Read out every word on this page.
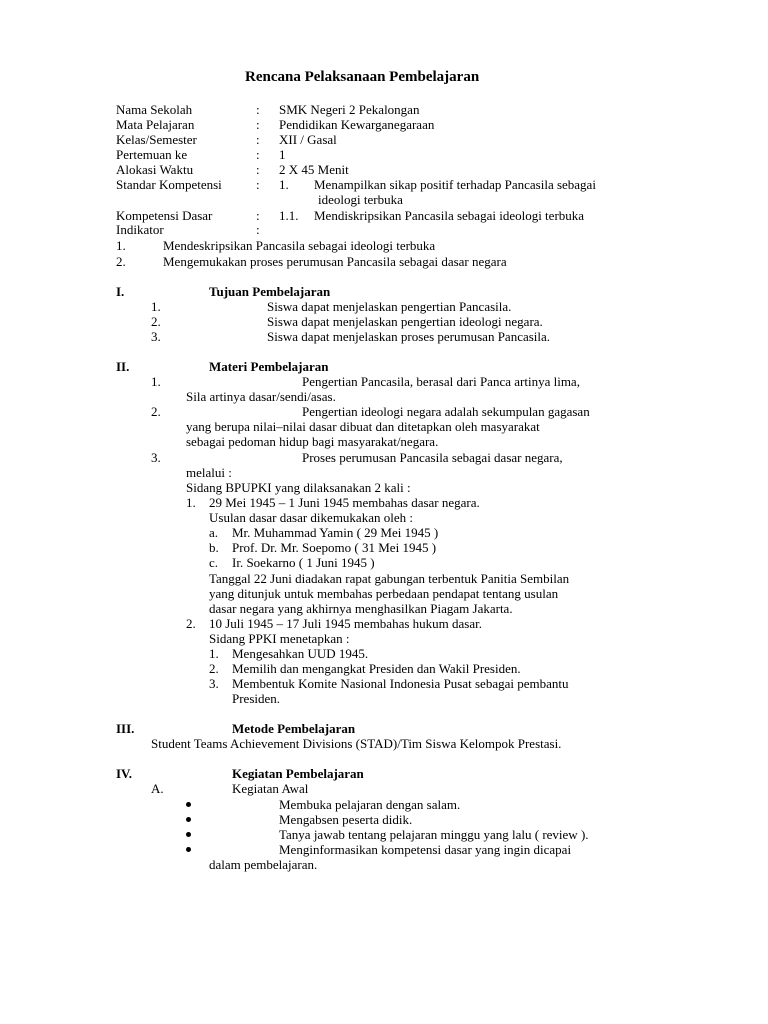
Rencana Pelaksanaan Pembelajaran
Nama Sekolah	: SMK Negeri 2 Pekalongan
Mata Pelajaran	: Pendidikan Kewarganegaraan
Kelas/Semester	: XII / Gasal
Pertemuan ke	: 1
Alokasi Waktu	: 2 X 45 Menit
Standar Kompetensi	: 1. Menampilkan sikap positif terhadap Pancasila sebagai
ideologi terbuka
Kompetensi Dasar	: 1.1. Mendiskripsikan Pancasila sebagai ideologi terbuka
Indikator	:
1.	Mendeskripsikan Pancasila sebagai ideologi terbuka
2.	Mengemukakan proses perumusan Pancasila sebagai dasar negara
I.	Tujuan Pembelajaran
1.	Siswa dapat menjelaskan pengertian Pancasila.
2.	Siswa dapat menjelaskan pengertian ideologi negara.
3.	Siswa dapat menjelaskan proses perumusan Pancasila.
II.	Materi Pembelajaran
1.	Pengertian Pancasila, berasal dari Panca artinya lima,
Sila artinya dasar/sendi/asas.
2.	Pengertian ideologi negara adalah sekumpulan gagasan
yang berupa nilai–nilai dasar dibuat dan ditetapkan oleh masyarakat
sebagai pedoman hidup bagi masyarakat/negara.
3.	Proses perumusan Pancasila sebagai dasar negara,
melalui :
Sidang BPUPKI yang dilaksanakan 2 kali :
1. 29 Mei 1945 – 1 Juni 1945 membahas dasar negara.
Usulan dasar dasar dikemukakan oleh :
a. Mr. Muhammad Yamin ( 29 Mei 1945 )
b. Prof. Dr. Mr. Soepomo ( 31 Mei 1945 )
c. Ir. Soekarno ( 1 Juni 1945 )
Tanggal 22 Juni diadakan rapat gabungan terbentuk Panitia Sembilan
yang ditunjuk untuk membahas perbedaan pendapat tentang usulan
dasar negara yang akhirnya menghasilkan Piagam Jakarta.
2. 10 Juli 1945 – 17 Juli 1945 membahas hukum dasar.
Sidang PPKI menetapkan :
1. Mengesahkan UUD 1945.
2. Memilih dan mengangkat Presiden dan Wakil Presiden.
3. Membentuk Komite Nasional Indonesia Pusat sebagai pembantu
Presiden.
III.	Metode Pembelajaran
Student Teams Achievement Divisions (STAD)/Tim Siswa Kelompok Prestasi.
IV.	Kegiatan Pembelajaran
A.	Kegiatan Awal
Membuka pelajaran dengan salam.
Mengabsen peserta didik.
Tanya jawab tentang pelajaran minggu yang lalu ( review ).
Menginformasikan kompetensi dasar yang ingin dicapai
dalam pembelajaran.
